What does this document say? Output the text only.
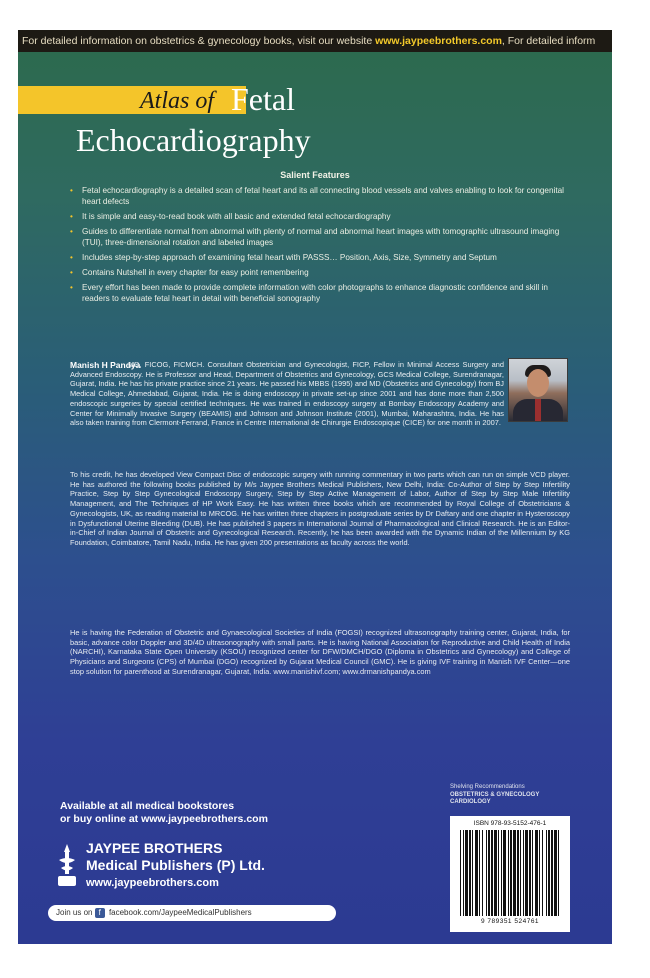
For detailed information on obstetrics & gynecology books, visit our website www.jaypeebrothers.com, For detailed inform
Atlas of Fetal
Echocardiography
Salient Features
• Fetal echocardiography is a detailed scan of fetal heart and its all connecting blood vessels and valves enabling to look for congenital heart defects
• It is simple and easy-to-read book with all basic and extended fetal echocardiography
• Guides to differentiate normal from abnormal with plenty of normal and abnormal heart images with tomographic ultrasound imaging (TUI), three-dimensional rotation and labeled images
• Includes step-by-step approach of examining fetal heart with PASSS… Position, Axis, Size, Symmetry and Septum
• Contains Nutshell in every chapter for easy point remembering
• Every effort has been made to provide complete information with color photographs to enhance diagnostic confidence and skill in readers to evaluate fetal heart in detail with beneficial sonography
Manish H Pandya

MD, FICOG, FICMCH. Consultant Obstetrician and Gynecologist, FICP, Fellow in Minimal Access Surgery and Advanced Endoscopy. He is Professor and Head, Department of Obstetrics and Gynecology, GCS Medical College, Surendranagar, Gujarat, India. He has his private practice since 21 years. He passed his MBBS (1995) and MD (Obstetrics and Gynecology) from BJ Medical College, Ahmedabad, Gujarat, India. He is doing endoscopy in private set-up since 2001 and has done more than 2,500 endoscopic surgeries by special certified techniques. He was trained in endoscopy surgery at Bombay Endoscopy Academy and Center for Minimally Invasive Surgery (BEAMIS) and Johnson and Johnson Institute (2001), Mumbai, Maharashtra, India. He has also taken training from Clermont-Ferrand, France in Centre International de Chirurgie Endoscopique (CICE) for one month in 2007.

To his credit, he has developed View Compact Disc of endoscopic surgery with running commentary in two parts which can run on simple VCD player. He has authored the following books published by M/s Jaypee Brothers Medical Publishers, New Delhi, India: Co-Author of Step by Step Infertility Practice, Step by Step Gynecological Endoscopy Surgery, Step by Step Active Management of Labor, Author of Step by Step Male Infertility Management, and The Techniques of HP Work Easy. He has written three books which are recommended by Royal College of Obstetricians & Gynecologists, UK, as reading material to MRCOG. He has written three chapters in postgraduate series by Dr Daftary and one chapter in Hysteroscopy in Dysfunctional Uterine Bleeding (DUB). He has published 3 papers in International Journal of Pharmacological and Clinical Research. He is an Editor-in-Chief of Indian Journal of Obstetric and Gynecological Research. Recently, he has been awarded with the Dynamic Indian of the Millennium by KG Foundation, Coimbatore, Tamil Nadu, India. He has given 200 presentations as faculty across the world.

He is having the Federation of Obstetric and Gynaecological Societies of India (FOGSI) recognized ultrasonography training center, Gujarat, India, for basic, advance color Doppler and 3D/4D ultrasonography with small parts. He is having National Association for Reproductive and Child Health of India (NARCHI), Karnataka State Open University (KSOU) recognized center for DFW/DMCH/DGO (Diploma in Obstetrics and Gynecology) and College of Physicians and Surgeons (CPS) of Mumbai (DGO) recognized by Gujarat Medical Council (GMC). He is giving IVF training in Manish IVF Center—one stop solution for parenthood at Surendranagar, Gujarat, India. www.manishivf.com; www.drmanishpandya.com

Available at all medical bookstores
or buy online at www.jaypeebrothers.com
JAYPEE BROTHERS
Medical Publishers (P) Ltd.
www.jaypeebrothers.com
Join us on f facebook.com/JaypeeMedicalPublishers
Shelving Recommendations
OBSTETRICS & GYNECOLOGY
CARDIOLOGY
ISBN 978-93-5152-476-1
9 789351 524761
